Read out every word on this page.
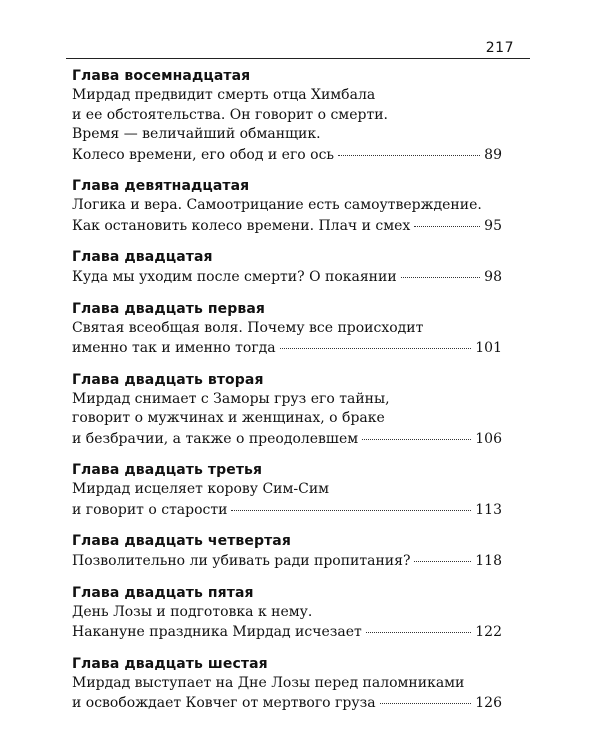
217
Глава восемнадцатая
Мирдад предвидит смерть отца Химбала
и ее обстоятельства. Он говорит о смерти.
Время — величайший обманщик.
Колесо времени, его обод и его ось	89
Глава девятнадцатая
Логика и вера. Самоотрицание есть самоутверждение.
Как остановить колесо времени. Плач и смех	95
Глава двадцатая
Куда мы уходим после смерти? О покаянии	98
Глава двадцать первая
Святая всеобщая воля. Почему все происходит
именно так и именно тогда	101
Глава двадцать вторая
Мирдад снимает с Заморы груз его тайны,
говорит о мужчинах и женщинах, о браке
и безбрачии, а также о преодолевшем	106
Глава двадцать третья
Мирдад исцеляет корову Сим-Сим
и говорит о старости	113
Глава двадцать четвертая
Позволительно ли убивать ради пропитания?	118
Глава двадцать пятая
День Лозы и подготовка к нему.
Накануне праздника Мирдад исчезает	122
Глава двадцать шестая
Мирдад выступает на Дне Лозы перед паломниками
и освобождает Ковчег от мертвого груза	126
